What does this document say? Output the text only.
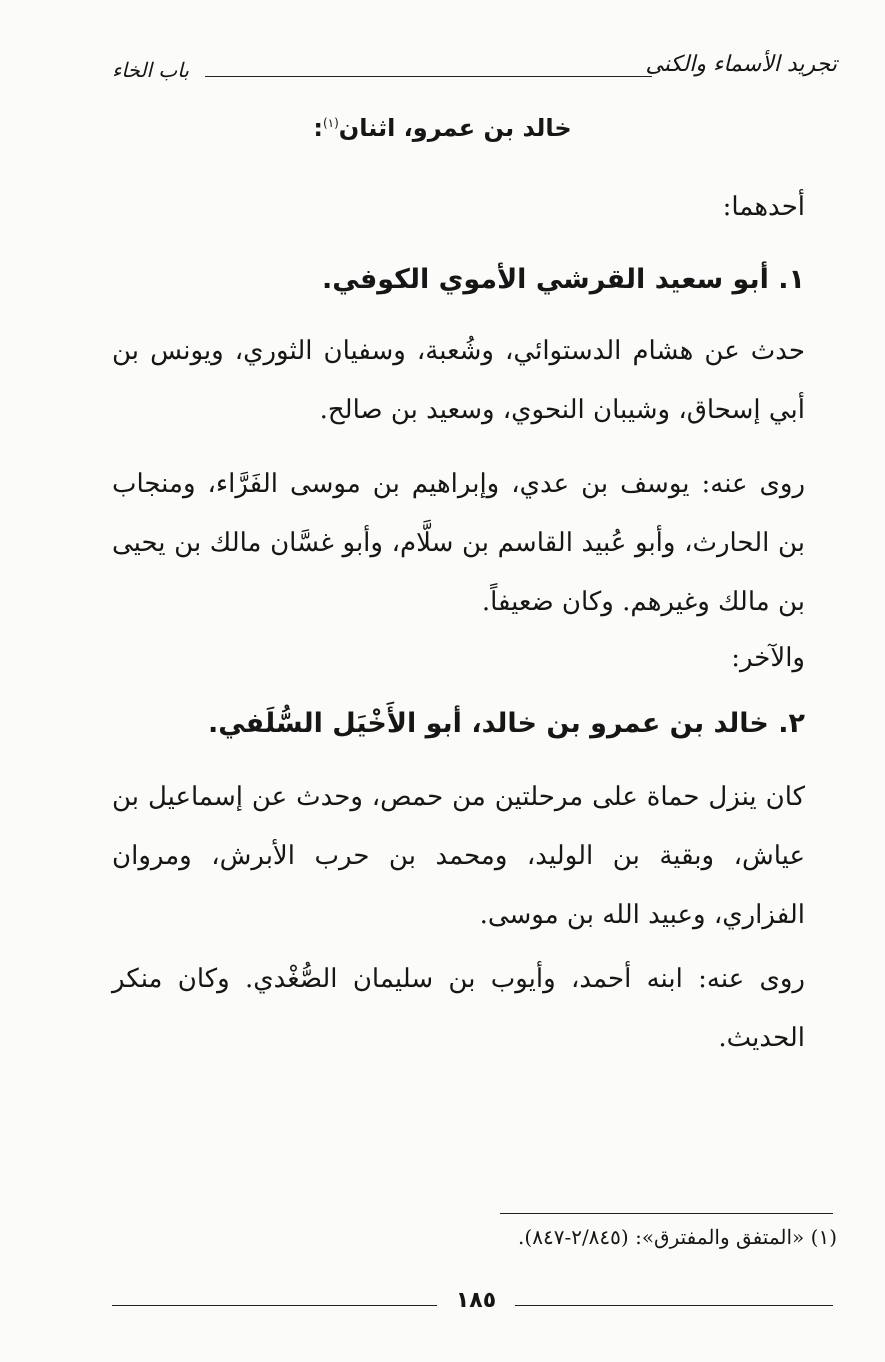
تجريد الأسماء والكنى
باب الخاء
خالد بن عمرو، اثنان$^{(١)}$:
أحدهما:
١. أبو سعيد القرشي الأموي الكوفي.
حدث عن هشام الدستوائي، وشُعبة، وسفيان الثوري، ويونس بن أبي إسحاق، وشيبان النحوي، وسعيد بن صالح.
روى عنه: يوسف بن عدي، وإبراهيم بن موسى الفَرَّاء، ومنجاب بن الحارث، وأبو عُبيد القاسم بن سلَّام، وأبو غسَّان مالك بن يحيى بن مالك وغيرهم. وكان ضعيفاً.
والآخر:
٢. خالد بن عمرو بن خالد، أبو الأَخْيَل السُّلَفي.
كان ينزل حماة على مرحلتين من حمص، وحدث عن إسماعيل بن عياش، وبقية بن الوليد، ومحمد بن حرب الأبرش، ومروان الفزاري، وعبيد الله بن موسى.
روى عنه: ابنه أحمد، وأيوب بن سليمان الصُّغْدي. وكان منكر الحديث.
(١) «المتفق والمفترق»: (٢/٨٤٥-٨٤٧).
١٨٥
